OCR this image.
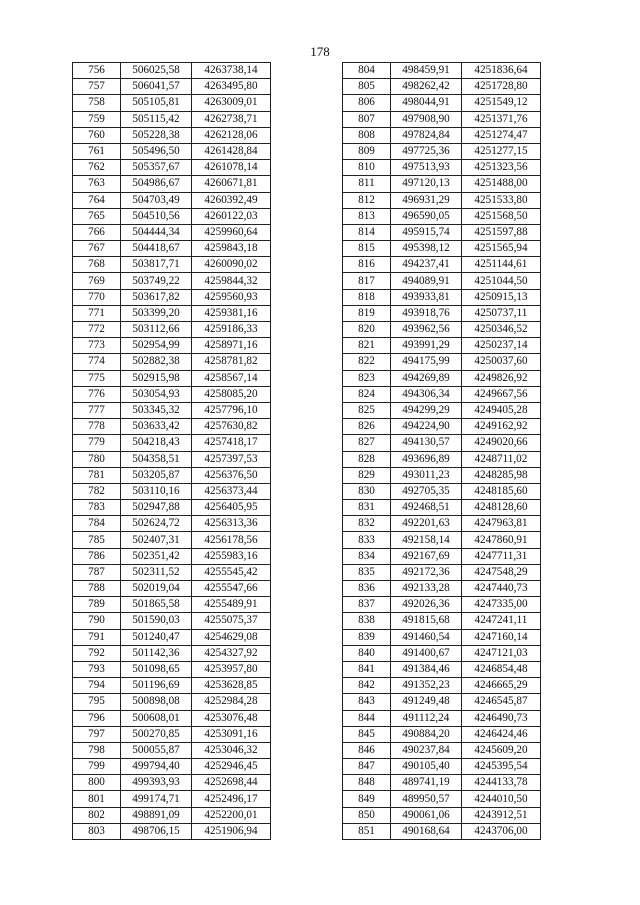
178
756	506025,58	4263738,14
757	506041,57	4263495,80
758	505105,81	4263009,01
759	505115,42	4262738,71
760	505228,38	4262128,06
761	505496,50	4261428,84
762	505357,67	4261078,14
763	504986,67	4260671,81
764	504703,49	4260392,49
765	504510,56	4260122,03
766	504444,34	4259960,64
767	504418,67	4259843,18
768	503817,71	4260090,02
769	503749,22	4259844,32
770	503617,82	4259560,93
771	503399,20	4259381,16
772	503112,66	4259186,33
773	502954,99	4258971,16
774	502882,38	4258781,82
775	502915,98	4258567,14
776	503054,93	4258085,20
777	503345,32	4257796,10
778	503633,42	4257630,82
779	504218,43	4257418,17
780	504358,51	4257397,53
781	503205,87	4256376,50
782	503110,16	4256373,44
783	502947,88	4256405,95
784	502624,72	4256313,36
785	502407,31	4256178,56
786	502351,42	4255983,16
787	502311,52	4255545,42
788	502019,04	4255547,66
789	501865,58	4255489,91
790	501590,03	4255075,37
791	501240,47	4254629,08
792	501142,36	4254327,92
793	501098,65	4253957,80
794	501196,69	4253628,85
795	500898,08	4252984,28
796	500608,01	4253076,48
797	500270,85	4253091,16
798	500055,87	4253046,32
799	499794,40	4252946,45
800	499393,93	4252698,44
801	499174,71	4252496,17
802	498891,09	4252200,01
803	498706,15	4251906,94
804	498459,91	4251836,64
805	498262,42	4251728,80
806	498044,91	4251549,12
807	497908,90	4251371,76
808	497824,84	4251274,47
809	497725,36	4251277,15
810	497513,93	4251323,56
811	497120,13	4251488,00
812	496931,29	4251533,80
813	496590,05	4251568,50
814	495915,74	4251597,88
815	495398,12	4251565,94
816	494237,41	4251144,61
817	494089,91	4251044,50
818	493933,81	4250915,13
819	493918,76	4250737,11
820	493962,56	4250346,52
821	493991,29	4250237,14
822	494175,99	4250037,60
823	494269,89	4249826,92
824	494306,34	4249667,56
825	494299,29	4249405,28
826	494224,90	4249162,92
827	494130,57	4249020,66
828	493696,89	4248711,02
829	493011,23	4248285,98
830	492705,35	4248185,60
831	492468,51	4248128,60
832	492201,63	4247963,81
833	492158,14	4247860,91
834	492167,69	4247711,31
835	492172,36	4247548,29
836	492133,28	4247440,73
837	492026,36	4247335,00
838	491815,68	4247241,11
839	491460,54	4247160,14
840	491400,67	4247121,03
841	491384,46	4246854,48
842	491352,23	4246665,29
843	491249,48	4246545,87
844	491112,24	4246490,73
845	490884,20	4246424,46
846	490237,84	4245609,20
847	490105,40	4245395,54
848	489741,19	4244133,78
849	489950,57	4244010,50
850	490061,06	4243912,51
851	490168,64	4243706,00
